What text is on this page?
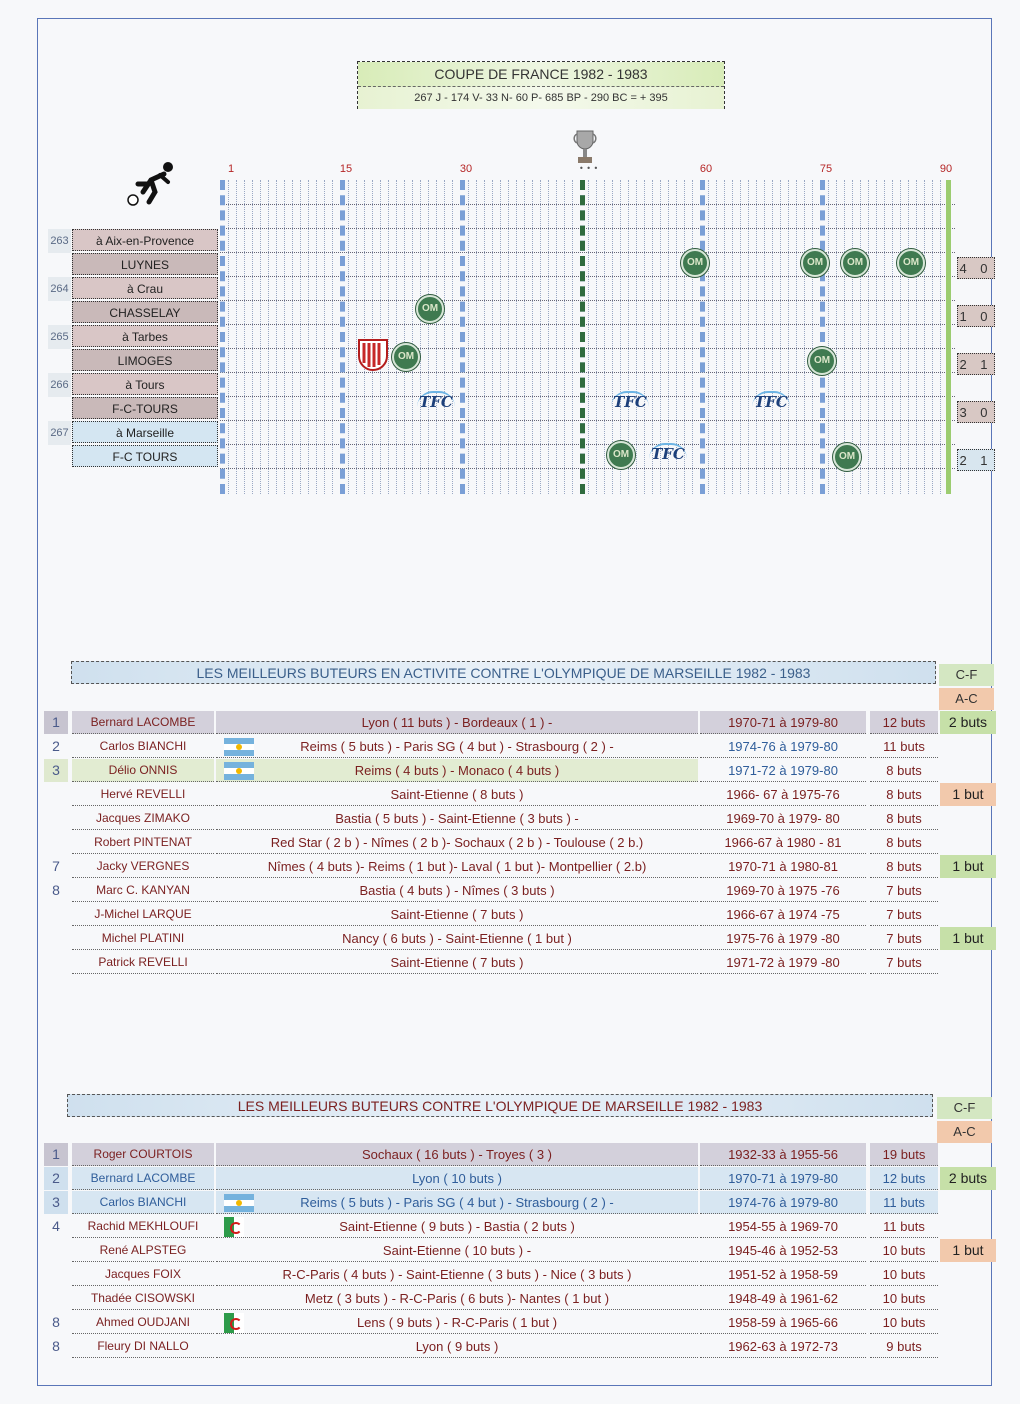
COUPE DE FRANCE 1982 - 1983
267 J - 174 V- 33 N- 60 P- 685 BP - 290 BC = + 395
• • •
1	15	30	60	75	90
263	à Aix-en-Provence
LUYNES	4 0
264	à Crau
CHASSELAY	1 0
265	à Tarbes
LIMOGES	2 1
266	à Tours
F-C-TOURS	3 0
267	à Marseille
F-C TOURS	2 1
OM	OM	OM	OM
OM
OM	OM
TFC	TFC	TFC
OM	TFC	OM
LES MEILLEURS BUTEURS EN ACTIVITE CONTRE L'OLYMPIQUE DE MARSEILLE 1982 - 1983	C-F
A-C
1	Bernard LACOMBE	Lyon ( 11 buts ) - Bordeaux ( 1 ) -	1970-71 à 1979-80	12 buts	2 buts
2	Carlos BIANCHI	Reims ( 5 buts ) - Paris SG ( 4 but ) - Strasbourg ( 2 ) -	1974-76 à 1979-80	11 buts
3	Délio ONNIS	Reims ( 4 buts ) - Monaco ( 4 buts )	1971-72 à 1979-80	8 buts
Hervé REVELLI	Saint-Etienne ( 8 buts )	1966- 67 à 1975-76	8 buts	1 but
Jacques ZIMAKO	Bastia ( 5 buts ) - Saint-Etienne ( 3 buts ) -	1969-70 à 1979- 80	8 buts
Robert PINTENAT	Red Star ( 2 b ) - Nîmes ( 2 b )- Sochaux ( 2 b ) - Toulouse ( 2 b.)	1966-67 à 1980 - 81	8 buts
7	Jacky VERGNES	Nîmes ( 4 buts )- Reims ( 1 but )- Laval ( 1 but )- Montpellier ( 2.b)	1970-71 à 1980-81	8 buts	1 but
8	Marc C. KANYAN	Bastia ( 4 buts ) - Nîmes ( 3 buts )	1969-70 à 1975 -76	7 buts
J-Michel LARQUE	Saint-Etienne ( 7 buts )	1966-67 à 1974 -75	7 buts
Michel PLATINI	Nancy ( 6 buts ) - Saint-Etienne ( 1 but )	1975-76 à 1979 -80	7 buts	1 but
Patrick REVELLI	Saint-Etienne ( 7 buts )	1971-72 à 1979 -80	7 buts
LES MEILLEURS BUTEURS CONTRE L'OLYMPIQUE DE MARSEILLE 1982 - 1983	C-F
A-C
1	Roger COURTOIS	Sochaux ( 16 buts ) - Troyes ( 3 )	1932-33 à 1955-56	19 buts
2	Bernard LACOMBE	Lyon ( 10 buts )	1970-71 à 1979-80	12 buts	2 buts
3	Carlos BIANCHI	Reims ( 5 buts ) - Paris SG ( 4 but ) - Strasbourg ( 2 ) -	1974-76 à 1979-80	11 buts
4	Rachid MEKHLOUFI	Saint-Etienne ( 9 buts ) - Bastia ( 2 buts )	1954-55 à 1969-70	11 buts
René ALPSTEG	Saint-Etienne ( 10 buts ) -	1945-46 à 1952-53	10 buts	1 but
Jacques FOIX	R-C-Paris ( 4 buts ) - Saint-Etienne ( 3 buts ) - Nice ( 3 buts )	1951-52 à 1958-59	10 buts
Thadée CISOWSKI	Metz ( 3 buts ) - R-C-Paris ( 6 buts )- Nantes ( 1 but )	1948-49 à 1961-62	10 buts
8	Ahmed OUDJANI	Lens ( 9 buts ) - R-C-Paris ( 1 but )	1958-59 à 1965-66	10 buts
8	Fleury DI NALLO	Lyon ( 9 buts )	1962-63 à 1972-73	9 buts
